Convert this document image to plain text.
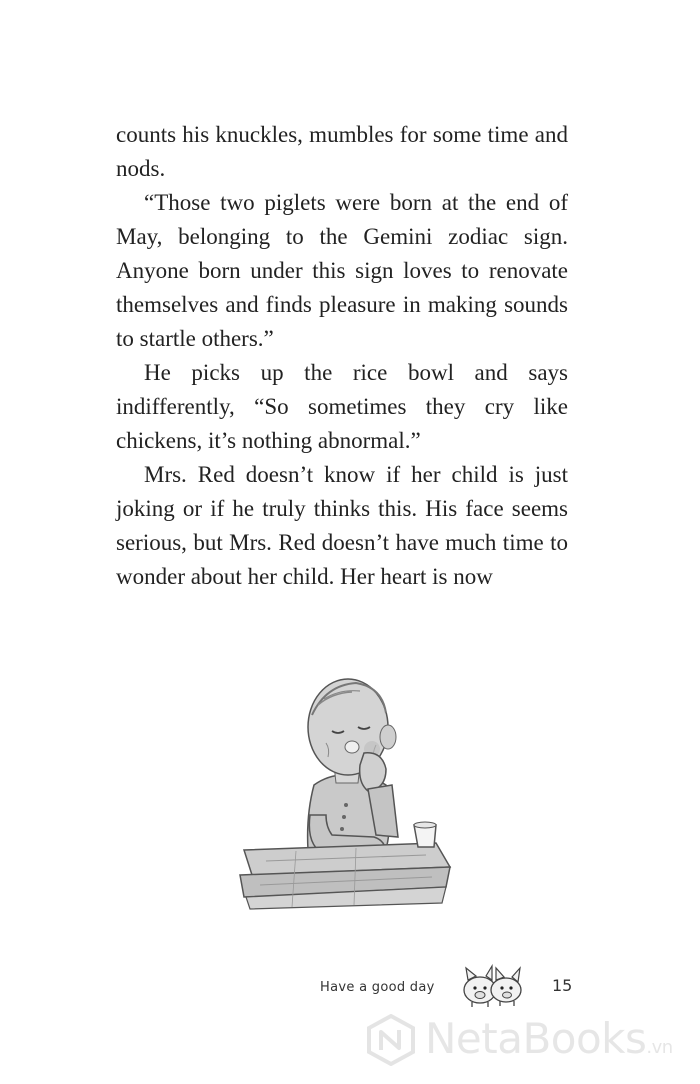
counts his knuckles, mumbles for some time and nods.

“Those two piglets were born at the end of May, belonging to the Gemini zodiac sign. Anyone born under this sign loves to renovate themselves and finds pleasure in making sounds to startle others.”

He picks up the rice bowl and says indifferently, “So sometimes they cry like chickens, it’s nothing abnormal.”

Mrs. Red doesn’t know if her child is just joking or if he truly thinks this. His face seems serious, but Mrs. Red doesn’t have much time to wonder about her child. Her heart is now

Have a good day	15
NetaBooks.vn
